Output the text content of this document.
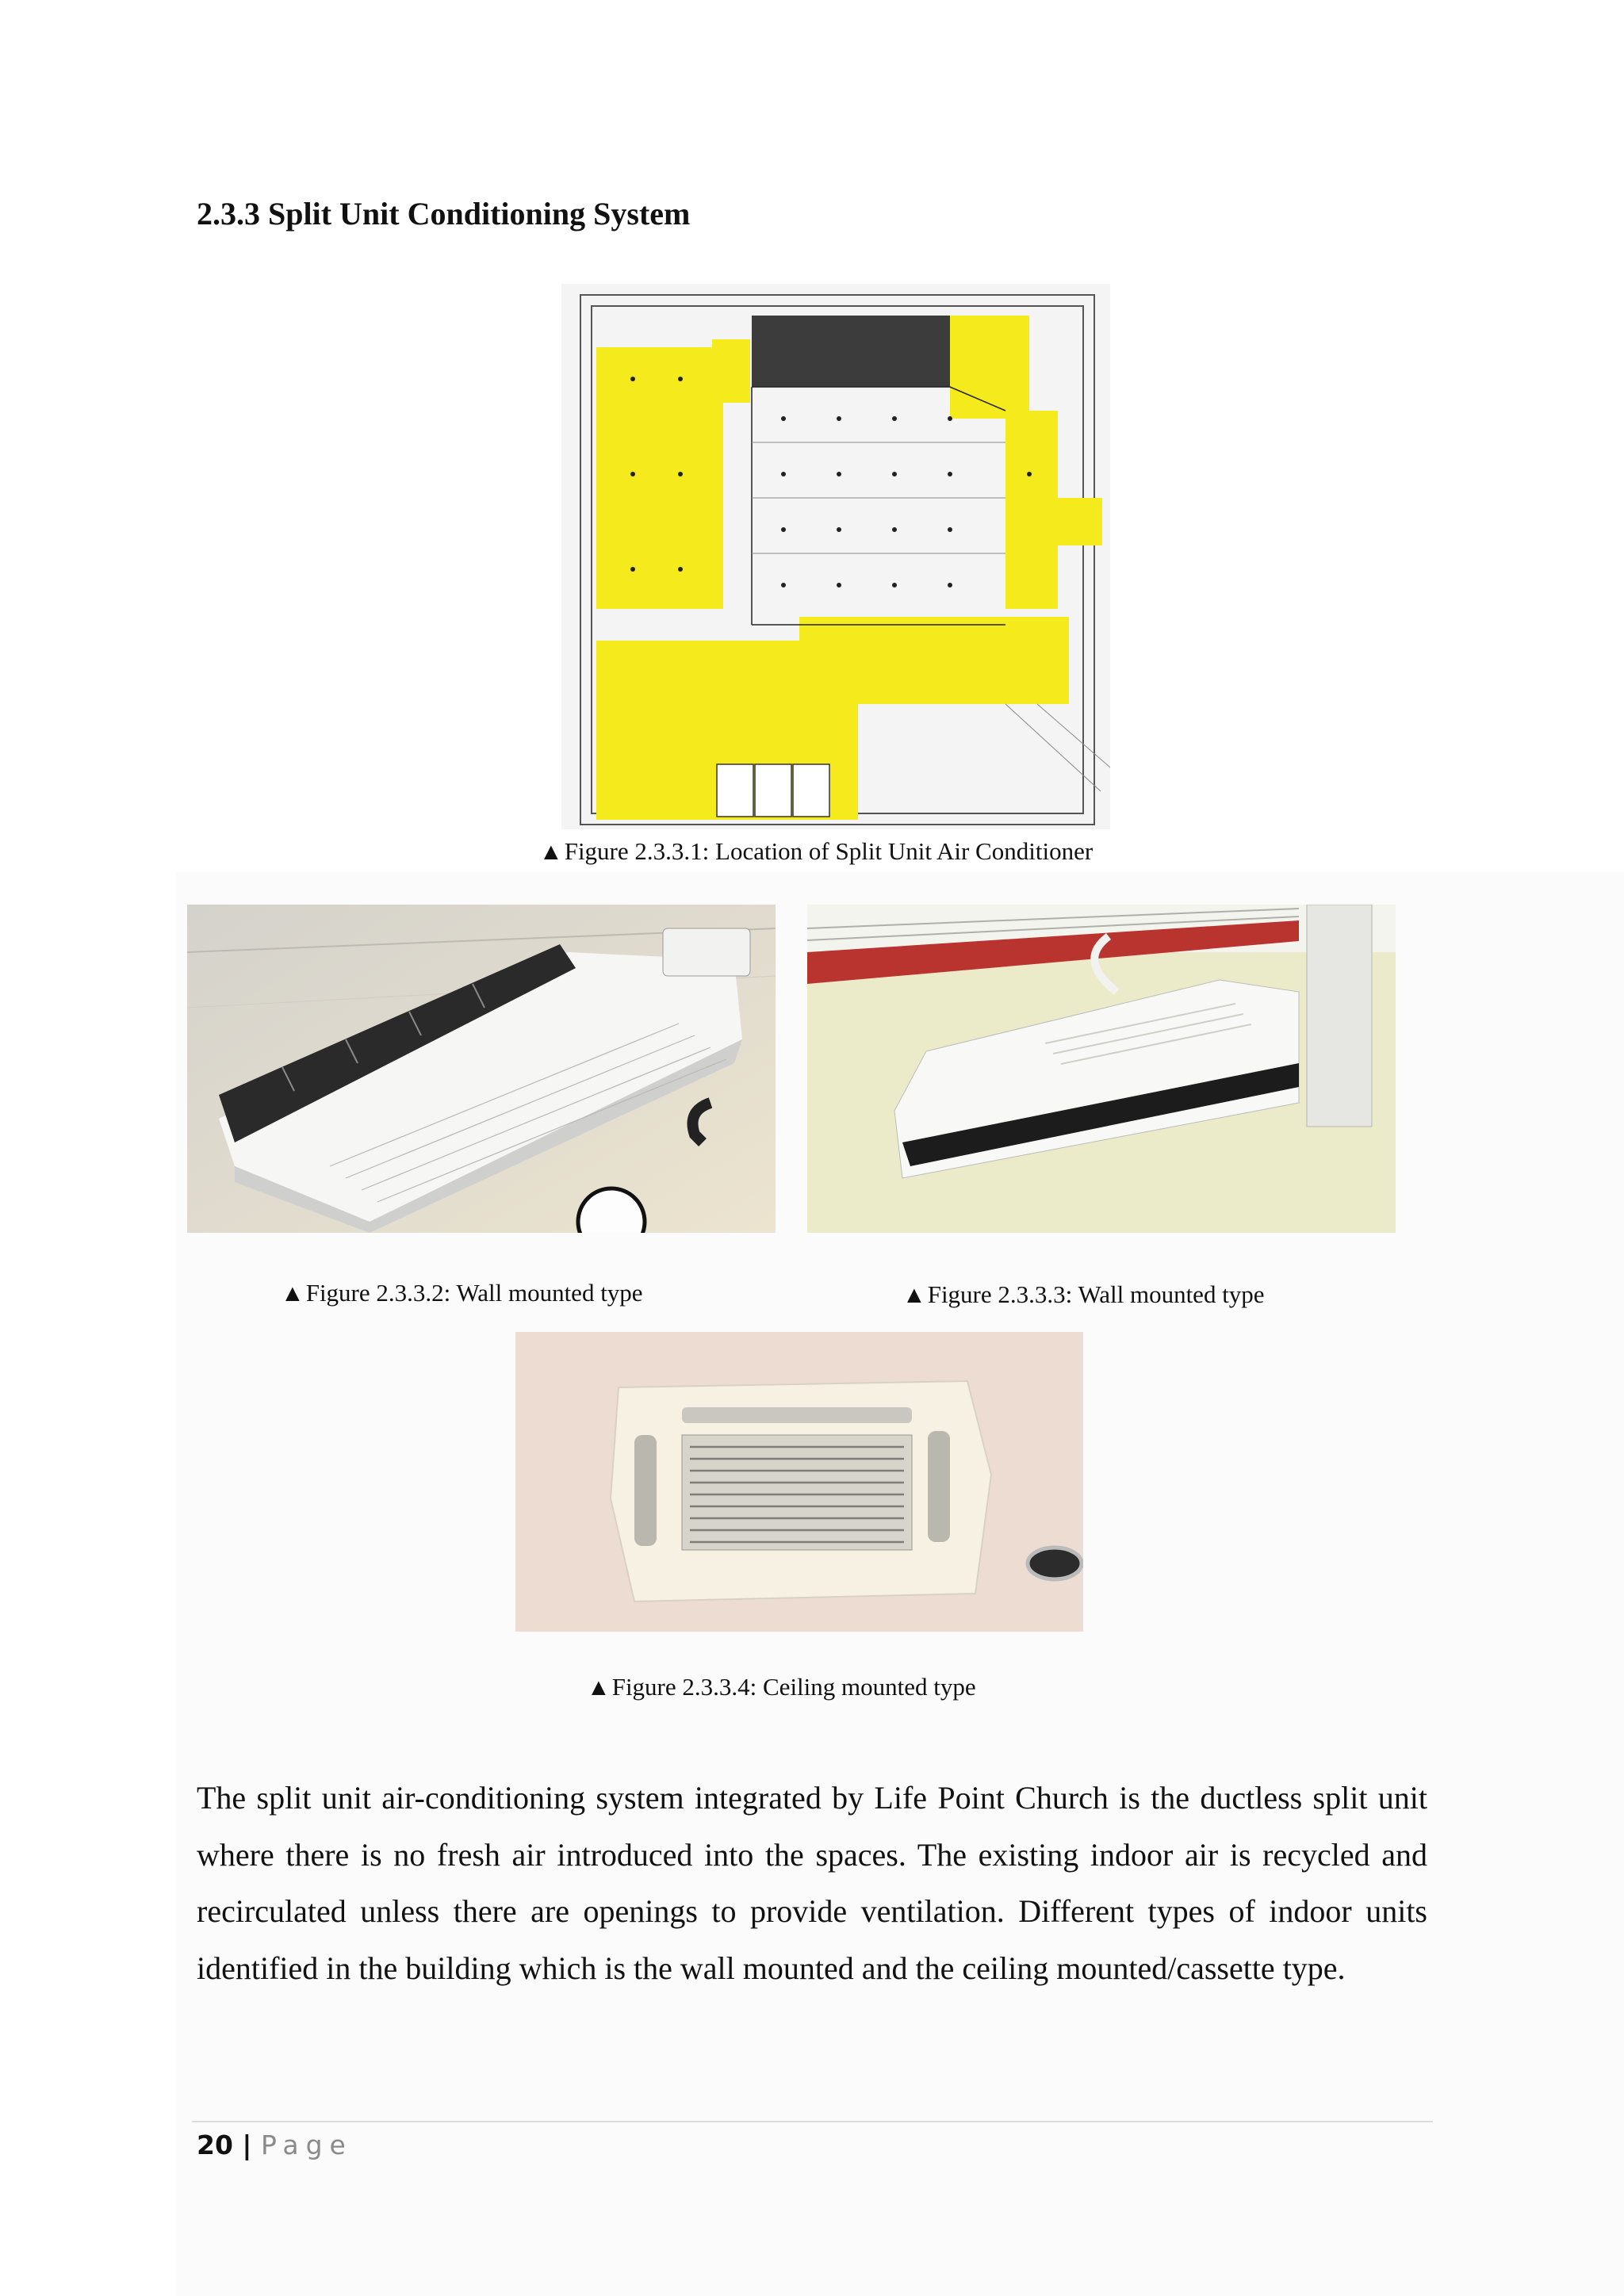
2.3.3 Split Unit Conditioning System
▲Figure 2.3.3.1: Location of Split Unit Air Conditioner
▲Figure 2.3.3.2: Wall mounted type	▲Figure 2.3.3.3: Wall mounted type
▲Figure 2.3.3.4: Ceiling mounted type

The split unit air-conditioning system integrated by Life Point Church is the ductless split unit where there is no fresh air introduced into the spaces. The existing indoor air is recycled and recirculated unless there are openings to provide ventilation. Different types of indoor units identified in the building which is the wall mounted and the ceiling mounted/cassette type.

20 | Page
